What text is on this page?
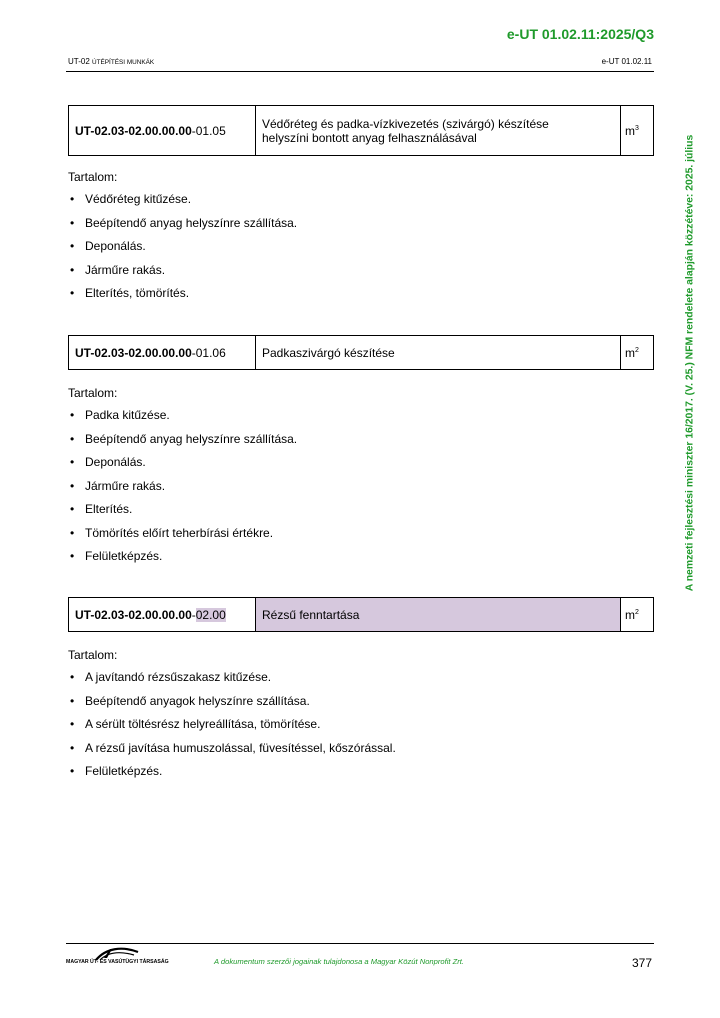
e-UT 01.02.11:2025/Q3
UT-02 ÚTÉPÍTÉSI MUNKÁK	e-UT 01.02.11
A nemzeti fejlesztési miniszter 16/2017. (V. 25.) NFM rendelete alapján közzétéve: 2025. július
UT-02.03-02.00.00.00-01.05	Védőréteg és padka-vízkivezetés (szivárgó) készítése
helyszíni bontott anyag felhasználásával	$m^3$
Tartalom:
• Védőréteg kitűzése.
• Beépítendő anyag helyszínre szállítása.
• Deponálás.
• Járműre rakás.
• Elterítés, tömörítés.
UT-02.03-02.00.00.00-01.06	Padkaszivárgó készítése	$m^2$
Tartalom:
• Padka kitűzése.
• Beépítendő anyag helyszínre szállítása.
• Deponálás.
• Járműre rakás.
• Elterítés.
• Tömörítés előírt teherbírási értékre.
• Felületképzés.
UT-02.03-02.00.00.00-02.00	Rézsű fenntartása	$m^2$
Tartalom:
• A javítandó rézsűszakasz kitűzése.
• Beépítendő anyagok helyszínre szállítása.
• A sérült töltésrész helyreállítása, tömörítése.
• A rézsű javítása humuszolással, füvesítéssel, kőszórással.
• Felületképzés.
MAGYAR ÚT- ÉS VASÚTÜGYI TÁRSASÁG	A dokumentum szerzői jogainak tulajdonosa a Magyar Közút Nonprofit Zrt.	377
